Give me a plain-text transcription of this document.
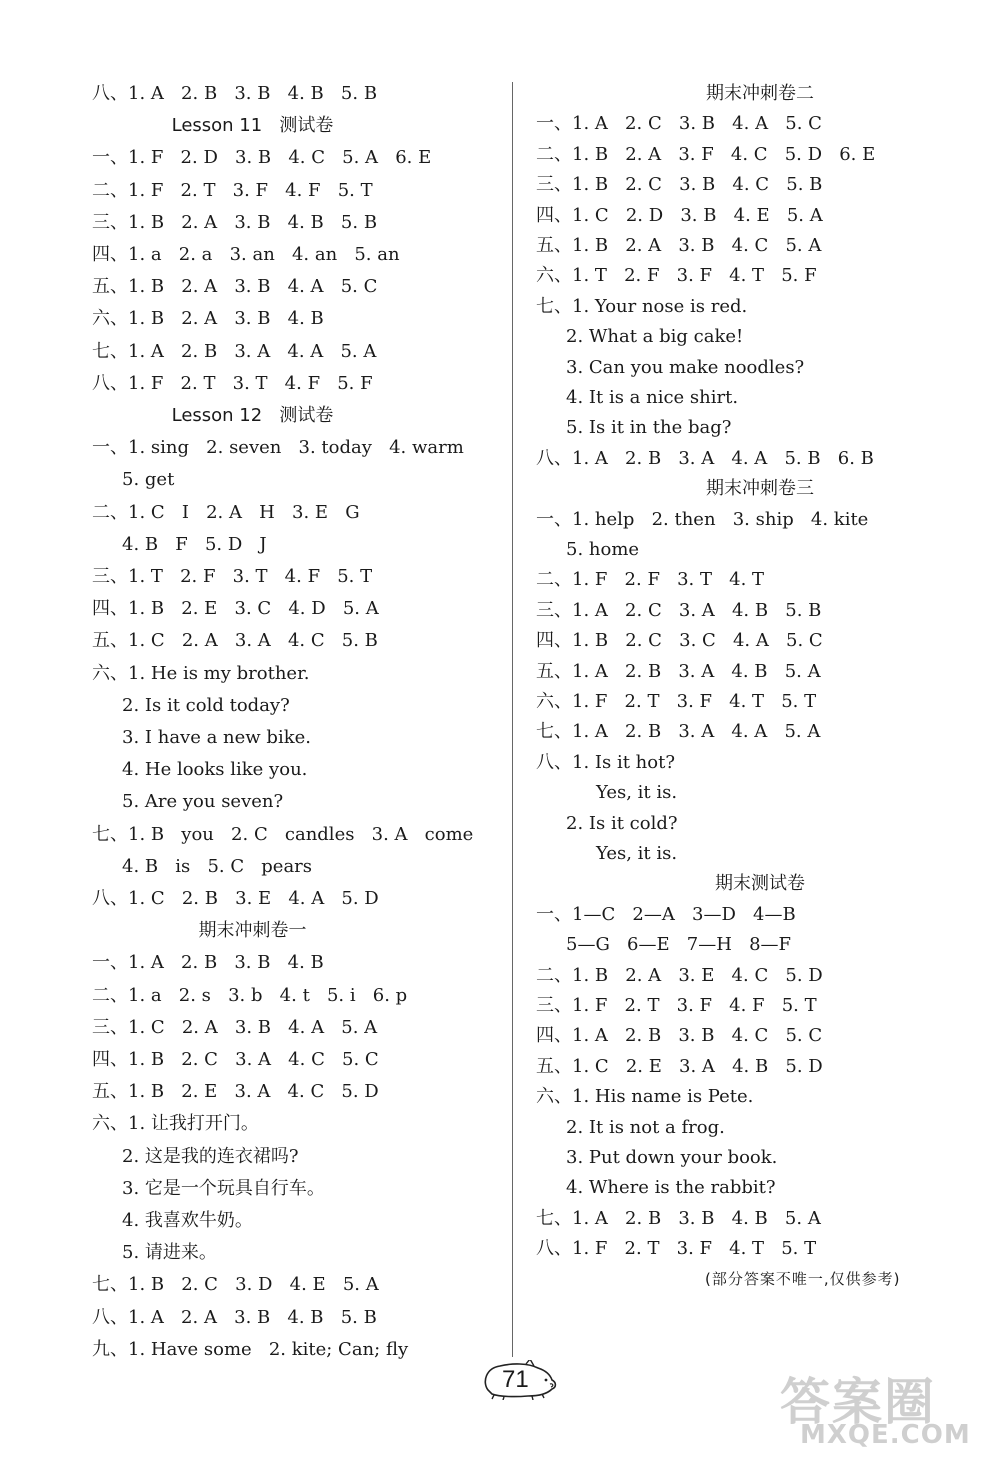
八、1. A   2. B   3. B   4. B   5. B
Lesson 11   测试卷
一、1. F   2. D   3. B   4. C   5. A   6. E
二、1. F   2. T   3. F   4. F   5. T
三、1. B   2. A   3. B   4. B   5. B
四、1. a   2. a   3. an   4. an   5. an
五、1. B   2. A   3. B   4. A   5. C
六、1. B   2. A   3. B   4. B
七、1. A   2. B   3. A   4. A   5. A
八、1. F   2. T   3. T   4. F   5. F
Lesson 12   测试卷
一、1. sing   2. seven   3. today   4. warm
5. get
二、1. C   I   2. A   H   3. E   G
4. B   F   5. D   J
三、1. T   2. F   3. T   4. F   5. T
四、1. B   2. E   3. C   4. D   5. A
五、1. C   2. A   3. A   4. C   5. B
六、1. He is my brother.
2. Is it cold today?
3. I have a new bike.
4. He looks like you.
5. Are you seven?
七、1. B   you   2. C   candles   3. A   come
4. B   is   5. C   pears
八、1. C   2. B   3. E   4. A   5. D
期末冲刺卷一
一、1. A   2. B   3. B   4. B
二、1. a   2. s   3. b   4. t   5. i   6. p
三、1. C   2. A   3. B   4. A   5. A
四、1. B   2. C   3. A   4. C   5. C
五、1. B   2. E   3. A   4. C   5. D
六、1. 让我打开门。
2. 这是我的连衣裙吗?
3. 它是一个玩具自行车。
4. 我喜欢牛奶。
5. 请进来。
七、1. B   2. C   3. D   4. E   5. A
八、1. A   2. A   3. B   4. B   5. B
九、1. Have some   2. kite; Can; fly
期末冲刺卷二
一、1. A   2. C   3. B   4. A   5. C
二、1. B   2. A   3. F   4. C   5. D   6. E
三、1. B   2. C   3. B   4. C   5. B
四、1. C   2. D   3. B   4. E   5. A
五、1. B   2. A   3. B   4. C   5. A
六、1. T   2. F   3. F   4. T   5. F
七、1. Your nose is red.
2. What a big cake!
3. Can you make noodles?
4. It is a nice shirt.
5. Is it in the bag?
八、1. A   2. B   3. A   4. A   5. B   6. B
期末冲刺卷三
一、1. help   2. then   3. ship   4. kite
5. home
二、1. F   2. F   3. T   4. T
三、1. A   2. C   3. A   4. B   5. B
四、1. B   2. C   3. C   4. A   5. C
五、1. A   2. B   3. A   4. B   5. A
六、1. F   2. T   3. F   4. T   5. T
七、1. A   2. B   3. A   4. A   5. A
八、1. Is it hot?
Yes, it is.
2. Is it cold?
Yes, it is.
期末测试卷
一、1—C   2—A   3—D   4—B
5—G   6—E   7—H   8—F
二、1. B   2. A   3. E   4. C   5. D
三、1. F   2. T   3. F   4. F   5. T
四、1. A   2. B   3. B   4. C   5. C
五、1. C   2. E   3. A   4. B   5. D
六、1. His name is Pete.
2. It is not a frog.
3. Put down your book.
4. Where is the rabbit?
七、1. A   2. B   3. B   4. B   5. A
八、1. F   2. T   3. F   4. T   5. T
(部分答案不唯一,仅供参考)
71	答案圈
MXQE.COM
